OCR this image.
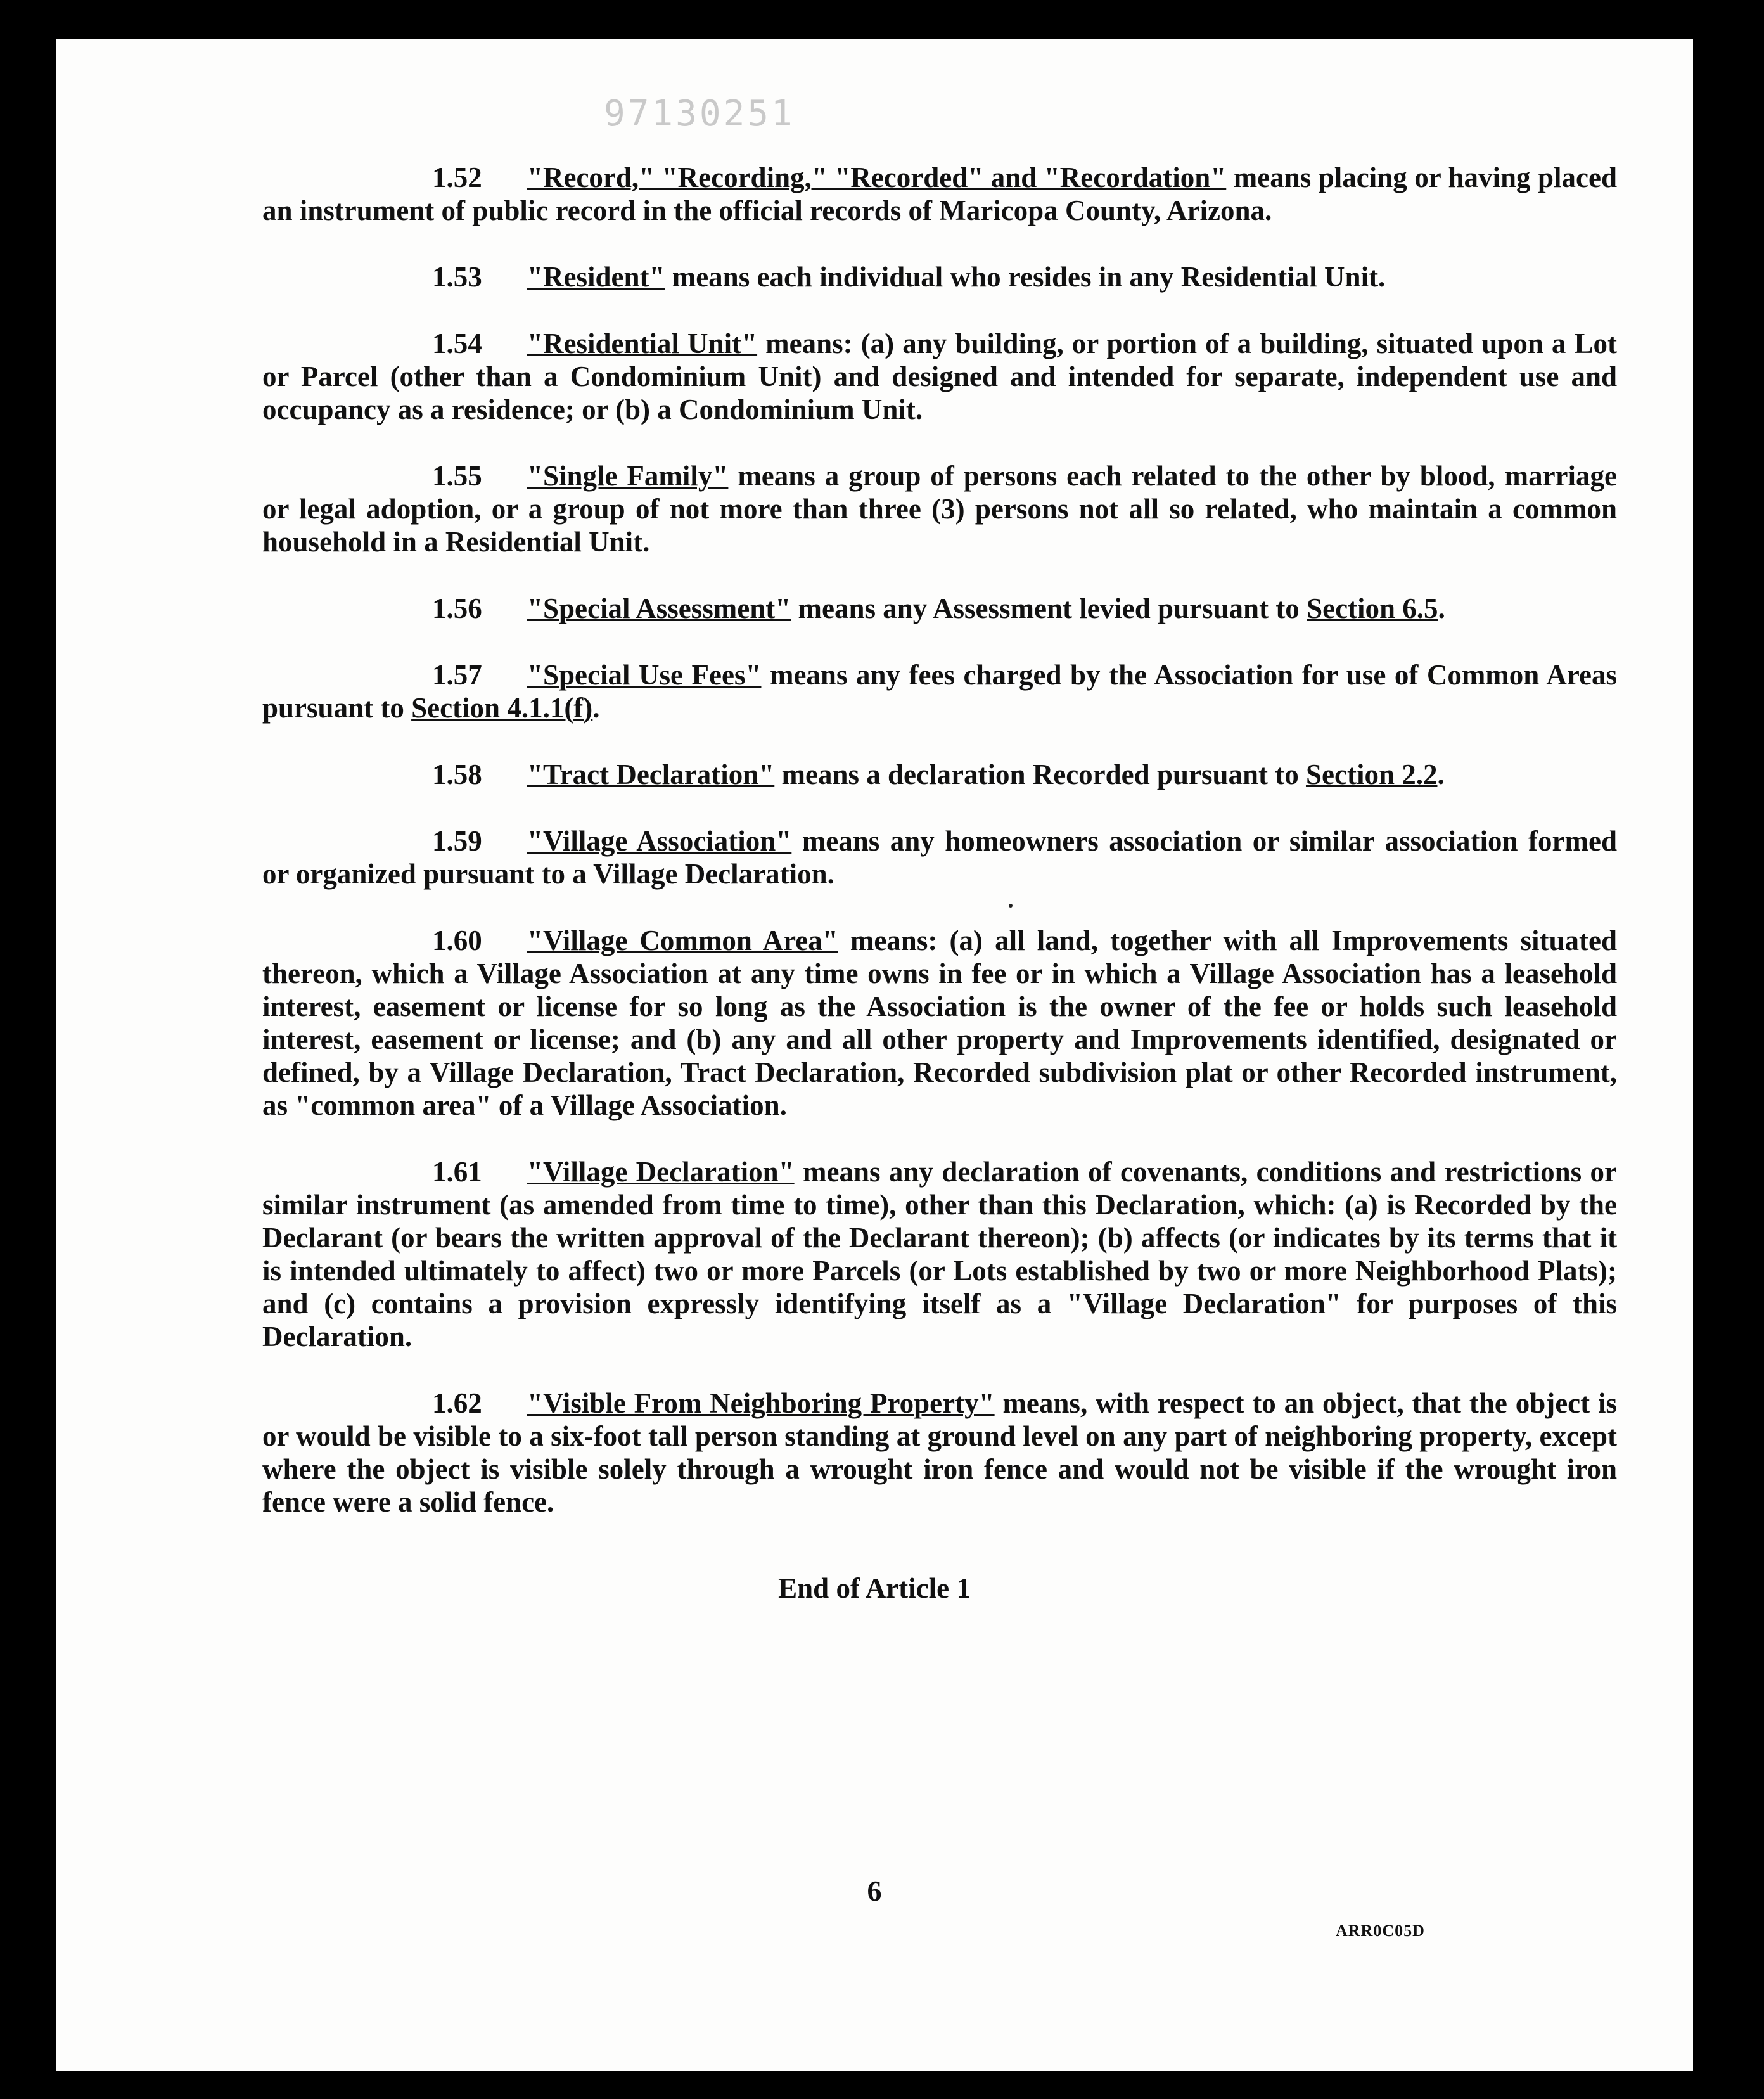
97130251

1.52 "Record," "Recording," "Recorded" and "Recordation" means placing or having placed an instrument of public record in the official records of Maricopa County, Arizona.

1.53 "Resident" means each individual who resides in any Residential Unit.

1.54 "Residential Unit" means: (a) any building, or portion of a building, situated upon a Lot or Parcel (other than a Condominium Unit) and designed and intended for separate, independent use and occupancy as a residence; or (b) a Condominium Unit.

1.55 "Single Family" means a group of persons each related to the other by blood, marriage or legal adoption, or a group of not more than three (3) persons not all so related, who maintain a common household in a Residential Unit.

1.56 "Special Assessment" means any Assessment levied pursuant to Section 6.5.

1.57 "Special Use Fees" means any fees charged by the Association for use of Common Areas pursuant to Section 4.1.1(f).

1.58 "Tract Declaration" means a declaration Recorded pursuant to Section 2.2.

1.59 "Village Association" means any homeowners association or similar association formed or organized pursuant to a Village Declaration.

1.60 "Village Common Area" means: (a) all land, together with all Improvements situated thereon, which a Village Association at any time owns in fee or in which a Village Association has a leasehold interest, easement or license for so long as the Association is the owner of the fee or holds such leasehold interest, easement or license; and (b) any and all other property and Improvements identified, designated or defined, by a Village Declaration, Tract Declaration, Recorded subdivision plat or other Recorded instrument, as "common area" of a Village Association.

1.61 "Village Declaration" means any declaration of covenants, conditions and restrictions or similar instrument (as amended from time to time), other than this Declaration, which: (a) is Recorded by the Declarant (or bears the written approval of the Declarant thereon); (b) affects (or indicates by its terms that it is intended ultimately to affect) two or more Parcels (or Lots established by two or more Neighborhood Plats); and (c) contains a provision expressly identifying itself as a "Village Declaration" for purposes of this Declaration.

1.62 "Visible From Neighboring Property" means, with respect to an object, that the object is or would be visible to a six-foot tall person standing at ground level on any part of neighboring property, except where the object is visible solely through a wrought iron fence and would not be visible if the wrought iron fence were a solid fence.

End of Article 1
6
ARR0C05D
